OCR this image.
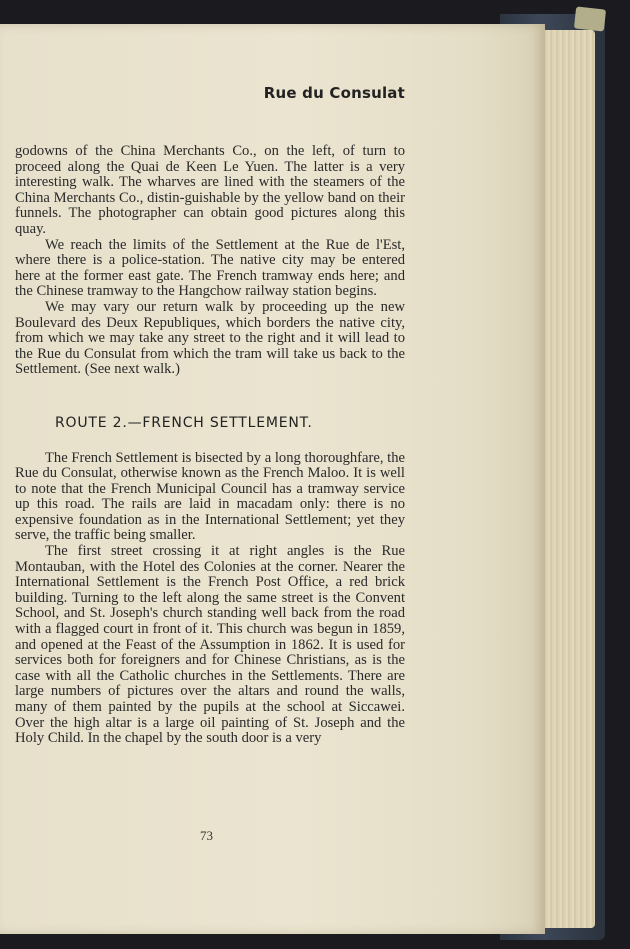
Rue du Consulat

godowns of the China Merchants Co., on the left, of turn to proceed along the Quai de Keen Le Yuen. The latter is a very interesting walk. The wharves are lined with the steamers of the China Merchants Co., distin-guishable by the yellow band on their funnels. The photographer can obtain good pictures along this quay.

We reach the limits of the Settlement at the Rue de l'Est, where there is a police-station. The native city may be entered here at the former east gate. The French tramway ends here; and the Chinese tramway to the Hangchow railway station begins.

We may vary our return walk by proceeding up the new Boulevard des Deux Republiques, which borders the native city, from which we may take any street to the right and it will lead to the Rue du Consulat from which the tram will take us back to the Settlement. (See next walk.)

ROUTE 2.—FRENCH SETTLEMENT.

The French Settlement is bisected by a long thoroughfare, the Rue du Consulat, otherwise known as the French Maloo. It is well to note that the French Municipal Council has a tramway service up this road. The rails are laid in macadam only: there is no expensive foundation as in the International Settlement; yet they serve, the traffic being smaller.

The first street crossing it at right angles is the Rue Montauban, with the Hotel des Colonies at the corner. Nearer the International Settlement is the French Post Office, a red brick building. Turning to the left along the same street is the Convent School, and St. Joseph's church standing well back from the road with a flagged court in front of it. This church was begun in 1859, and opened at the Feast of the Assumption in 1862. It is used for services both for foreigners and for Chinese Christians, as is the case with all the Catholic churches in the Settlements. There are large numbers of pictures over the altars and round the walls, many of them painted by the pupils at the school at Siccawei. Over the high altar is a large oil painting of St. Joseph and the Holy Child. In the chapel by the south door is a very

73
